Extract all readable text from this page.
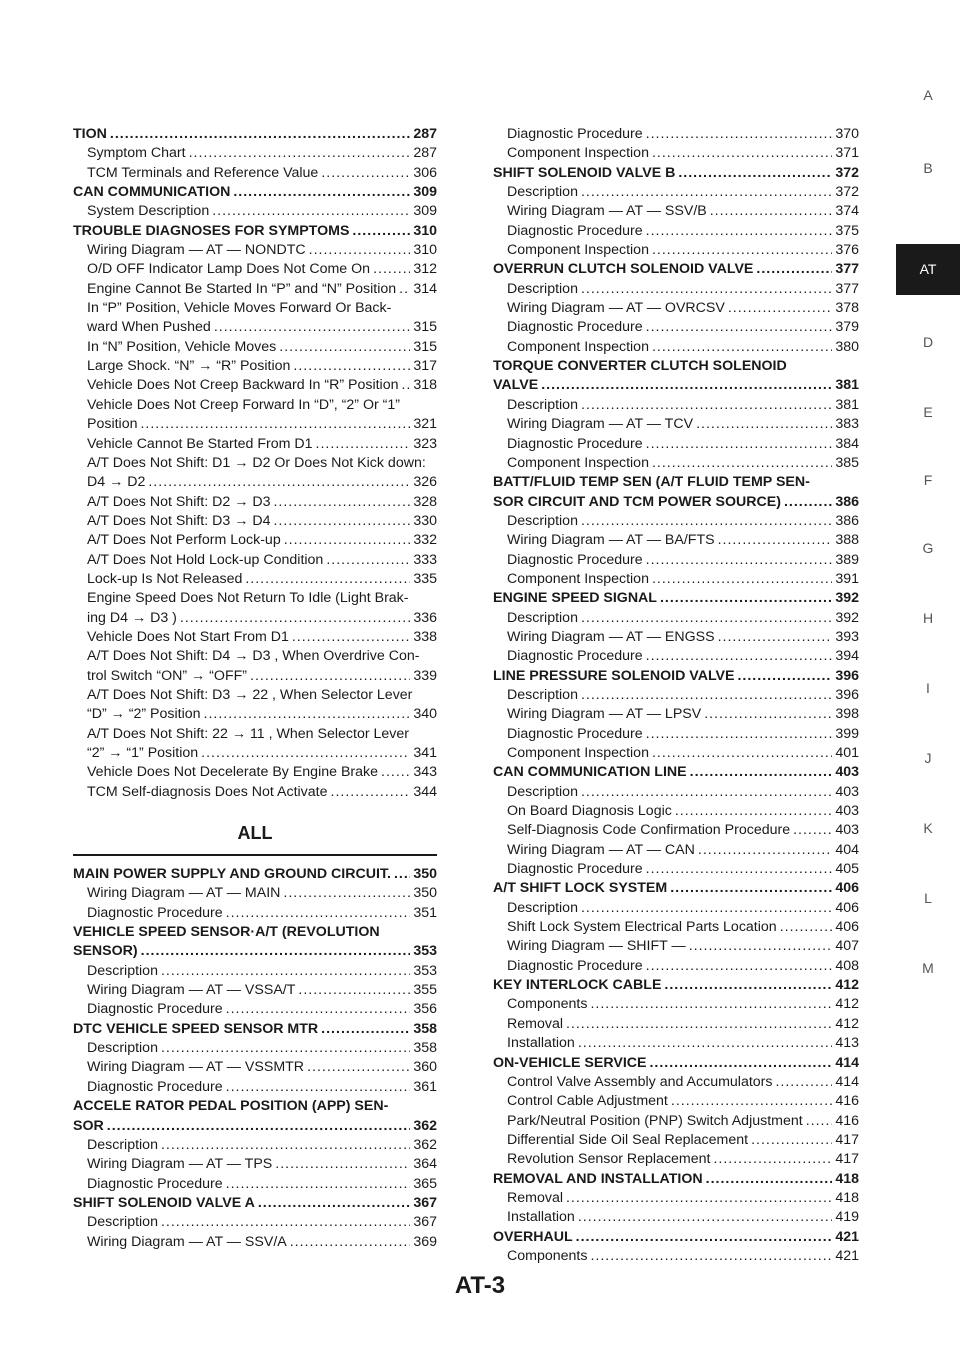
TION .....	287
Symptom Chart .....	287
TCM Terminals and Reference Value .....	306
CAN COMMUNICATION .....	309
System Description .....	309
TROUBLE DIAGNOSES FOR SYMPTOMS .....	310
Wiring Diagram — AT — NONDTC .....	310
O/D OFF Indicator Lamp Does Not Come On .....	312
Engine Cannot Be Started In “P” and “N” Position ..... 314
In “P” Position, Vehicle Moves Forward Or Back-
ward When Pushed .....	315
In “N” Position, Vehicle Moves .....	315
Large Shock. “N” → “R” Position .....	317
Vehicle Does Not Creep Backward In “R” Position ..... 318
Vehicle Does Not Creep Forward In “D”, “2” Or “1”
Position .....	321
Vehicle Cannot Be Started From D1 .....	323
A/T Does Not Shift: D1 → D2 Or Does Not Kick down:
D4 → D2 .....	326
A/T Does Not Shift: D2 → D3 .....	328
A/T Does Not Shift: D3 → D4 .....	330
A/T Does Not Perform Lock-up .....	332
A/T Does Not Hold Lock-up Condition .....	333
Lock-up Is Not Released .....	335
Engine Speed Does Not Return To Idle (Light Brak-
ing D4 → D3 ) .....	336
Vehicle Does Not Start From D1 .....	338
A/T Does Not Shift: D4 → D3 , When Overdrive Con-
trol Switch “ON” → “OFF” .....	339
A/T Does Not Shift: D3 → 22 , When Selector Lever
“D” → “2” Position .....	340
A/T Does Not Shift: 22 → 11 , When Selector Lever
“2” → “1” Position .....	341
Vehicle Does Not Decelerate By Engine Brake ..... 343
TCM Self-diagnosis Does Not Activate .....	344
ALL
MAIN POWER SUPPLY AND GROUND CIRCUIT. ..... 350
Wiring Diagram — AT — MAIN .....	350
Diagnostic Procedure .....	351
VEHICLE SPEED SENSOR·A/T (REVOLUTION
SENSOR) .....	353
Description .....	353
Wiring Diagram — AT — VSSA/T .....	355
Diagnostic Procedure .....	356
DTC VEHICLE SPEED SENSOR MTR .....	358
Description .....	358
Wiring Diagram — AT — VSSMTR .....	360
Diagnostic Procedure .....	361
ACCELE RATOR PEDAL POSITION (APP) SEN-
SOR .....	362
Description .....	362
Wiring Diagram — AT — TPS .....	364
Diagnostic Procedure .....	365
SHIFT SOLENOID VALVE A .....	367
Description .....	367
Wiring Diagram — AT — SSV/A .....	369
Diagnostic Procedure .....	370
Component Inspection .....	371
SHIFT SOLENOID VALVE B .....	372
Description .....	372
Wiring Diagram — AT — SSV/B .....	374
Diagnostic Procedure .....	375
Component Inspection .....	376
OVERRUN CLUTCH SOLENOID VALVE .....	377
Description .....	377
Wiring Diagram — AT — OVRCSV .....	378
Diagnostic Procedure .....	379
Component Inspection .....	380
TORQUE CONVERTER CLUTCH SOLENOID
VALVE .....	381
Description .....	381
Wiring Diagram — AT — TCV .....	383
Diagnostic Procedure .....	384
Component Inspection .....	385
BATT/FLUID TEMP SEN (A/T FLUID TEMP SEN-
SOR CIRCUIT AND TCM POWER SOURCE) .....	386
Description .....	386
Wiring Diagram — AT — BA/FTS .....	388
Diagnostic Procedure .....	389
Component Inspection .....	391
ENGINE SPEED SIGNAL .....	392
Description .....	392
Wiring Diagram — AT — ENGSS .....	393
Diagnostic Procedure .....	394
LINE PRESSURE SOLENOID VALVE .....	396
Description .....	396
Wiring Diagram — AT — LPSV .....	398
Diagnostic Procedure .....	399
Component Inspection .....	401
CAN COMMUNICATION LINE .....	403
Description .....	403
On Board Diagnosis Logic .....	403
Self-Diagnosis Code Confirmation Procedure .....	403
Wiring Diagram — AT — CAN .....	404
Diagnostic Procedure .....	405
A/T SHIFT LOCK SYSTEM .....	406
Description .....	406
Shift Lock System Electrical Parts Location .....	406
Wiring Diagram — SHIFT — .....	407
Diagnostic Procedure .....	408
KEY INTERLOCK CABLE .....	412
Components .....	412
Removal .....	412
Installation .....	413
ON-VEHICLE SERVICE .....	414
Control Valve Assembly and Accumulators .....	414
Control Cable Adjustment .....	416
Park/Neutral Position (PNP) Switch Adjustment ..... 416
Differential Side Oil Seal Replacement .....	417
Revolution Sensor Replacement .....	417
REMOVAL AND INSTALLATION .....	418
Removal .....	418
Installation .....	419
OVERHAUL .....	421
Components .....	421
A
B
AT
D
E
F
G
H
I
J
K
L
M
AT-3
